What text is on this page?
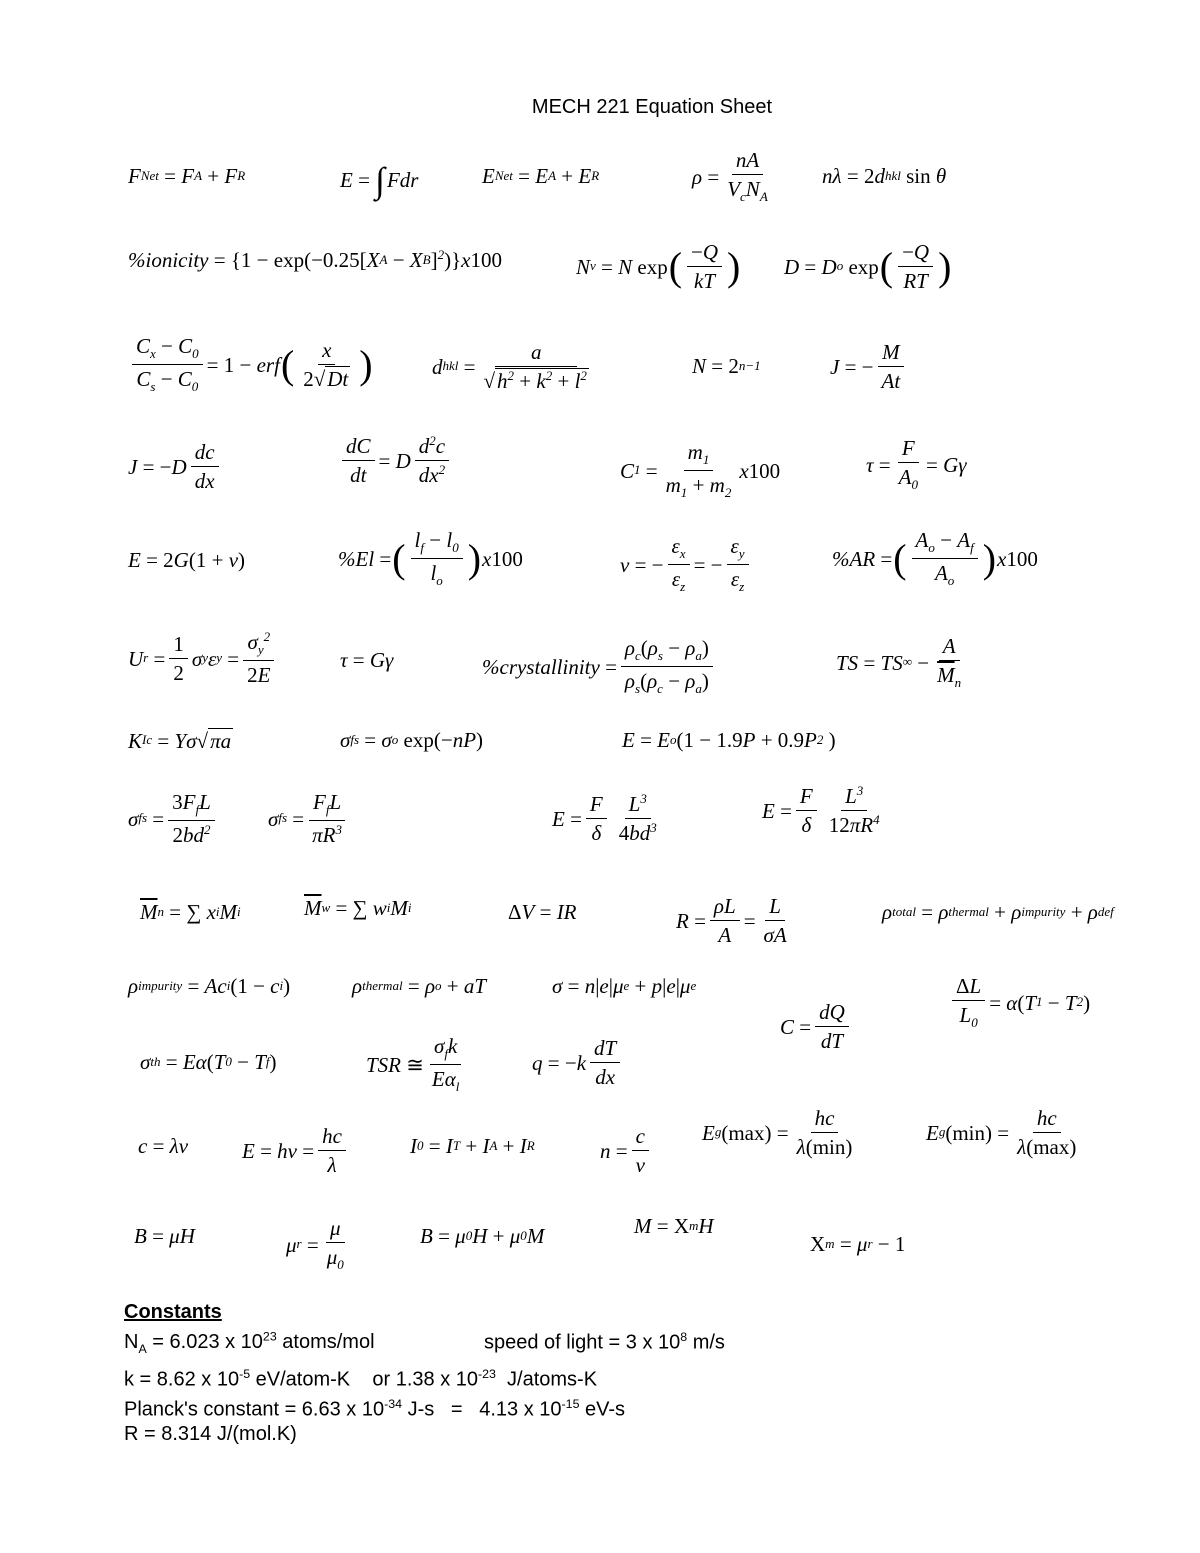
MECH 221 Equation Sheet
F Net
= F A
+ F R	E =
∫ Fdr	E Net
= E A
+ E R	$\rho = \frac{nA}{V_cN_A}$ nλ =
2 d hkl
sin θ
%ionicity =
{1 − exp(−0.25[ X A
− X B ]$^2$)} x 100	N v
= N exp ( $\frac{-Q}{kT}$ ) D = D o
exp ( $\frac{-Q}{RT}$ )
$\frac{C_x - C_0}{C_s - C_0} = 1$ − erf ( $\frac{x}{2√Dt}$ )	d hkl
= $\frac{a}{√h^2 + k^2 + l^2}$	N =
2 n−1	J = − $\frac{M}{At}$
J = − D $\frac{dc}{dx}$	$\frac{dC}{dt} = D \frac{d^2c}{dx^2}$	C 1
= $\frac{m_1}{m_1 + m_2}$ x 100	$\tau = \frac{F}{A_0} = G\gamma$
E =
2 G (1 + ν )	%El = ( $\frac{l_f - l_0}{l_o}$ ) x 100	ν = − $\frac{\varepsilon_x}{\varepsilon_z}$ = − $\frac{\varepsilon_y}{\varepsilon_z}$	%AR = ( $\frac{A_o - A_f}{A_o}$ ) x 100
U r
= $\frac{1}{2}$ σ y ε y
= $\frac{\sigma_y^2}{2E}$	τ = Gγ	%crystallinity = $\frac{\rho_c(\rho_s - \rho_a)}{\rho_s(\rho_c - \rho_a)}$	TS = TS ∞
− $\frac{A}{\overline{M}_n}$
K Ic
= Yσ √ πa	σ fs
= σ o
exp(− nP )	E = E o (1 − 1.9 P + 0.9 P 2
)
σ fs
= $\frac{3F_fL}{2bd^2}$	σ fs
= $\frac{F_fL}{\pi R^3}$	$E = \frac{F}{\delta} \frac{L^3}{4bd^3}$	$E = \frac{F}{\delta} \frac{L^3}{12\pi R^4}$
$\overline{M}$ n
= ∑ x i M i	$\overline{M}$ w
= ∑ w i M i	Δ V = IR	$R = \frac{\rho L}{A} = \frac{L}{\sigma A}$	ρ total
= ρ thermal
+ ρ impurity
+ ρ def
ρ impurity
= Ac i (1 − c i )	ρ thermal
= ρ o
+ aT	σ = n | e | μ e
+ p | e | μ e	$\frac{\Delta L}{L_0} = \alpha$ ( T 1
− T 2 )
$C = \frac{dQ}{dT}$
σ th
= Eα ( T 0
− T f )	TSR ≅ $\frac{\sigma_fk}{E\alpha_l}$	q = − k $\frac{dT}{dx}$
c = λν	$E = h\nu = \frac{hc}{\lambda}$	I 0
= I T
+ I A
+ I R	$n = \frac{c}{\nu}$	E g $(\max) = \frac{hc}{\lambda(\min)}$	E g $(\min) = \frac{hc}{\lambda(\max)}$
B = μH	μ r
= $\frac{\mu}{\mu_0}$	B = μ 0 H + μ 0 M	M =
X m H
X m
= μ r
− 1
Constants
$N_A = 6.023$ x $10^{23}$ atoms/mol	speed of light = 3 x $10^8$ m/s
k = 8.62 x $10^{-5}$ eV/atom-K    or 1.38 x $10^{-23}$  J/atoms-K
Planck's constant = 6.63 x $10^{-34}$ J-s   =   4.13 x $10^{-15}$ eV-s
R = 8.314 J/(mol.K)
